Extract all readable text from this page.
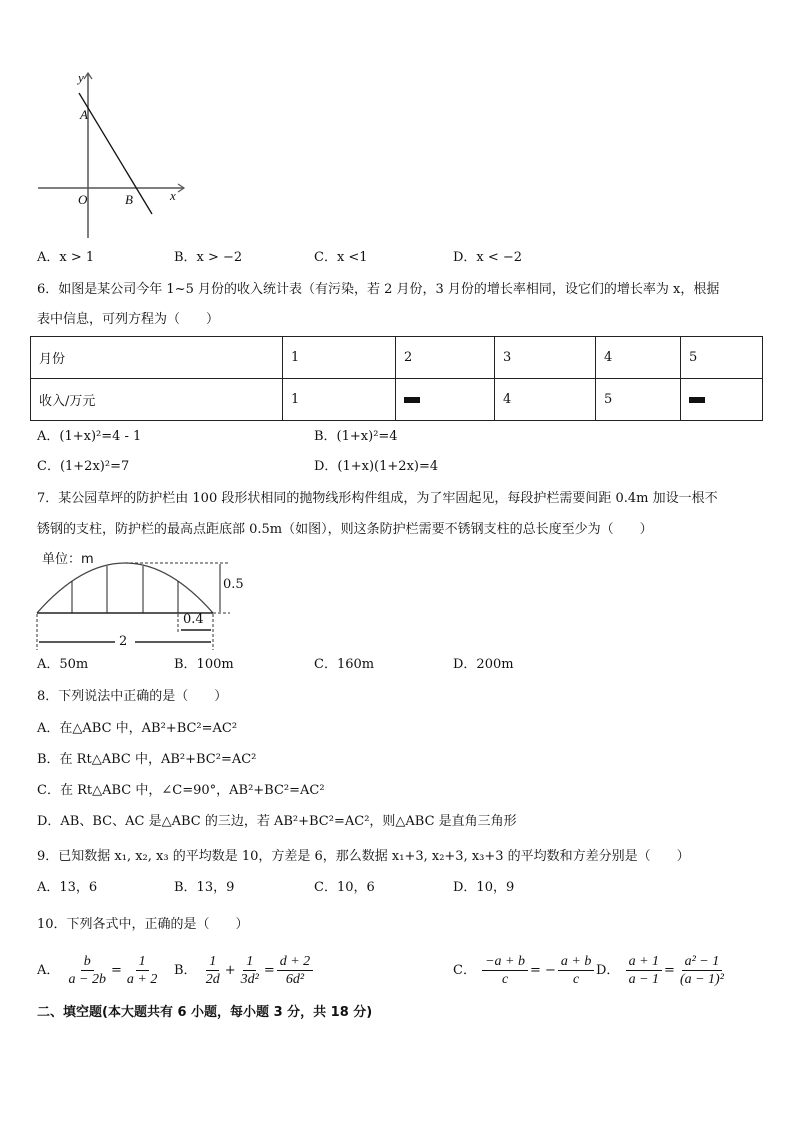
y
A
O	B	x
A．x > 1	B．x > −2	C．x <1	D．x < −2
6．如图是某公司今年 1~5 月份的收入统计表（有污染，若 2 月份，3 月份的增长率相同，设它们的增长率为 x，根据
表中信息，可列方程为（　　）
月份	1	2	3	4	5
收入/万元	1		4	5	
A．(1+x)²=4 - 1	B．(1+x)²=4
C．(1+2x)²=7	D．(1+x)(1+2x)=4
7．某公园草坪的防护栏由 100 段形状相同的抛物线形构件组成，为了牢固起见，每段护栏需要间距 0.4m 加设一根不
锈钢的支柱，防护栏的最高点距底部 0.5m（如图），则这条防护栏需要不锈钢支柱的总长度至少为（　　）
单位：m
0.5
0.4
2
A．50m	B．100m	C．160m	D．200m
8．下列说法中正确的是（　　）
A．在△ABC 中，AB²+BC²=AC²
B．在 Rt△ABC 中，AB²+BC²=AC²
C．在 Rt△ABC 中，∠C=90°，AB²+BC²=AC²
D．AB、BC、AC 是△ABC 的三边，若 AB²+BC²=AC²，则△ABC 是直角三角形
9．已知数据 x₁, x₂, x₃ 的平均数是 10，方差是 6，那么数据 x₁+3, x₂+3, x₃+3 的平均数和方差分别是（　　）
A．13，6	B．13，9	C．10，6	D．10，9
10．下列各式中，正确的是（　　）
A． $\frac{b}{a - 2b} = \frac{1}{a + 2}$ B． $\frac{1}{2d} + \frac{1}{\text{3d²}} = \frac{d + 2}{\text{6d²}}$	C． $\frac{-a + b}{c}$ = − $\frac{a + b}{c}$ D． $\frac{a + 1}{a - 1} = \frac{\text{a² − 1}}{\text{(a − 1)²}}$
二、填空题(本大题共有 6 小题，每小题 3 分，共 18 分)
